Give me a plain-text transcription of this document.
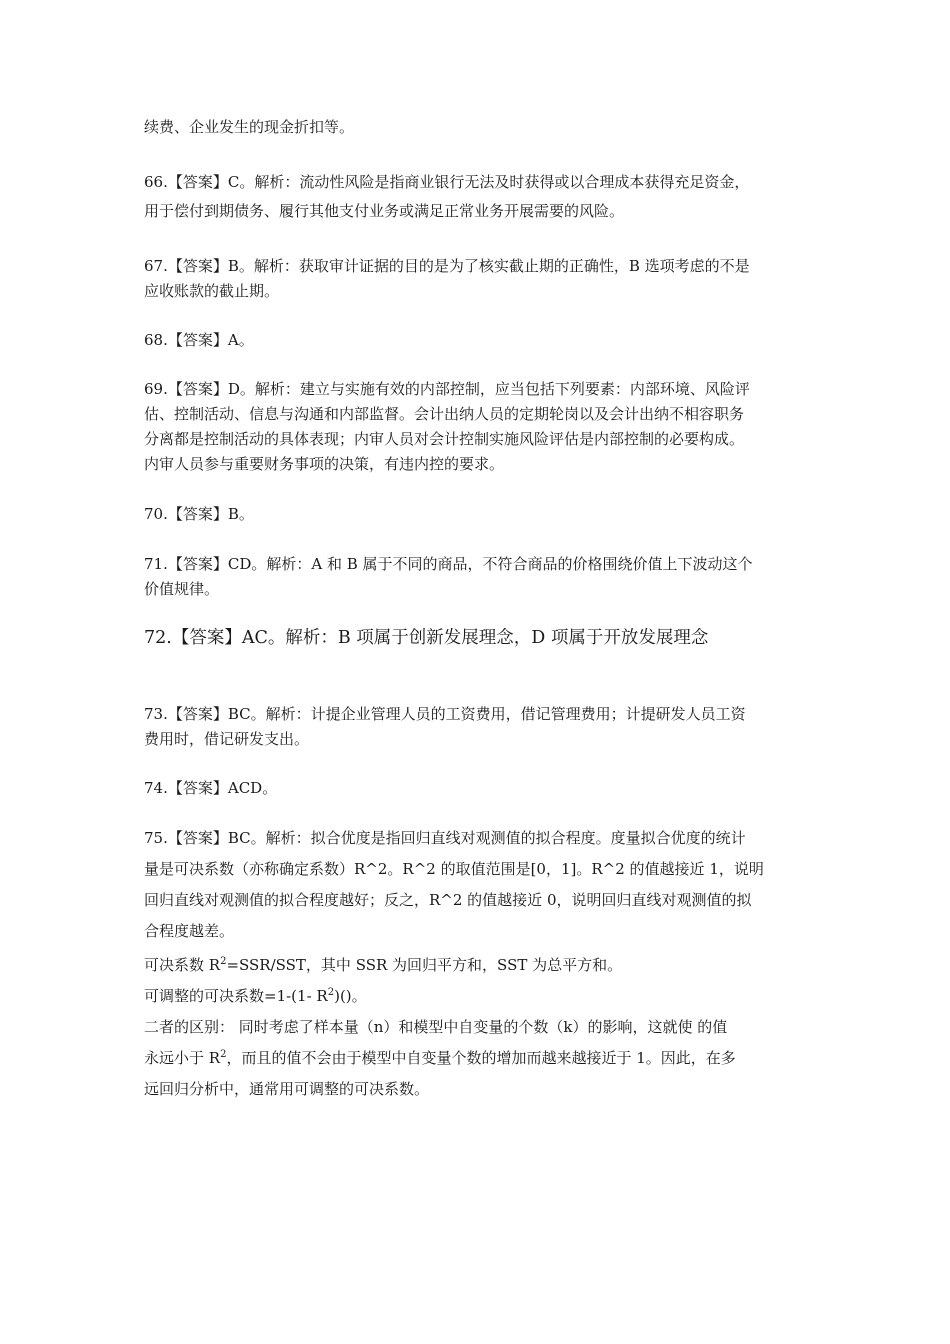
续费、企业发生的现金折扣等。

66.【答案】C。解析：流动性风险是指商业银行无法及时获得或以合理成本获得充足资金，

用于偿付到期债务、履行其他支付业务或满足正常业务开展需要的风险。

67.【答案】B。解析：获取审计证据的目的是为了核实截止期的正确性，B 选项考虑的不是

应收账款的截止期。

68.【答案】A。

69.【答案】D。解析：建立与实施有效的内部控制，应当包括下列要素：内部环境、风险评

估、控制活动、信息与沟通和内部监督。会计出纳人员的定期轮岗以及会计出纳不相容职务

分离都是控制活动的具体表现；内审人员对会计控制实施风险评估是内部控制的必要构成。

内审人员参与重要财务事项的决策，有违内控的要求。

70.【答案】B。

71.【答案】CD。解析：A 和 B 属于不同的商品，不符合商品的价格围绕价值上下波动这个

价值规律。

72.【答案】AC。解析：B 项属于创新发展理念，D 项属于开放发展理念

73.【答案】BC。解析：计提企业管理人员的工资费用，借记管理费用；计提研发人员工资

费用时，借记研发支出。

74.【答案】ACD。

75.【答案】BC。解析：拟合优度是指回归直线对观测值的拟合程度。度量拟合优度的统计

量是可决系数（亦称确定系数）R^2。R^2 的取值范围是[0，1]。R^2 的值越接近 1，说明

回归直线对观测值的拟合程度越好；反之，R^2 的值越接近 0，说明回归直线对观测值的拟

合程度越差。

可决系数 $R^2=SSR$/SST，其中 SSR 为回归平方和，SST 为总平方和。

可调整的可决系数=1-(1- $R^2)()$。

二者的区别： 同时考虑了样本量（n）和模型中自变量的个数（k）的影响，这就使 的值

永远小于 $R^2$，而且的值不会由于模型中自变量个数的增加而越来越接近于 1。因此，在多

远回归分析中，通常用可调整的可决系数。
